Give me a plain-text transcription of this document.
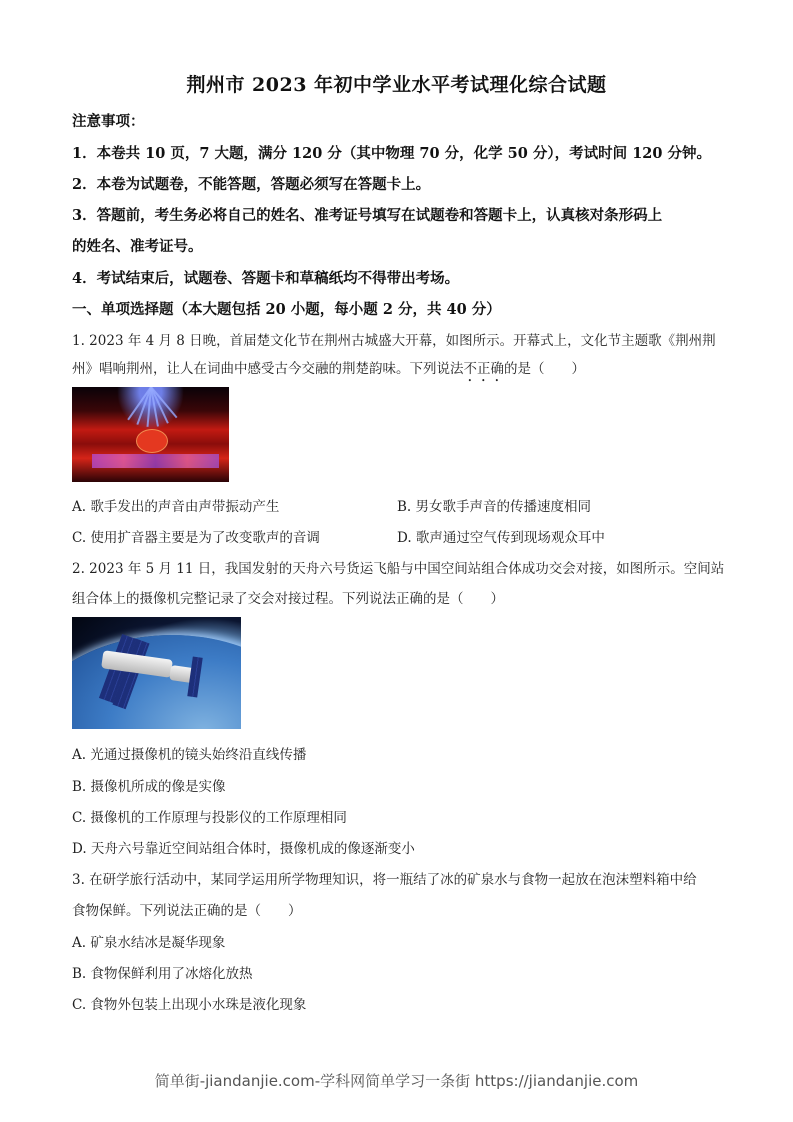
荆州市 2023 年初中学业水平考试理化综合试题
注意事项：
1．本卷共 10 页，7 大题，满分 120 分（其中物理 70 分，化学 50 分），考试时间 120 分钟。
2．本卷为试题卷，不能答题，答题必须写在答题卡上。
3．答题前，考生务必将自己的姓名、准考证号填写在试题卷和答题卡上，认真核对条形码上
的姓名、准考证号。
4．考试结束后，试题卷、答题卡和草稿纸均不得带出考场。
一、单项选择题（本大题包括 20 小题，每小题 2 分，共 40 分）
1. 2023 年 4 月 8 日晚，首届楚文化节在荆州古城盛大开幕，如图所示。开幕式上，文化节主题歌《荆州荆
州》唱响荆州，让人在词曲中感受古今交融的荆楚韵味。下列说法不正确的是（　　）
A. 歌手发出的声音由声带振动产生	B. 男女歌手声音的传播速度相同
C. 使用扩音器主要是为了改变歌声的音调	D. 歌声通过空气传到现场观众耳中
2. 2023 年 5 月 11 日，我国发射的天舟六号货运飞船与中国空间站组合体成功交会对接，如图所示。空间站
组合体上的摄像机完整记录了交会对接过程。下列说法正确的是（　　）
A. 光通过摄像机的镜头始终沿直线传播
B. 摄像机所成的像是实像
C. 摄像机的工作原理与投影仪的工作原理相同
D. 天舟六号靠近空间站组合体时，摄像机成的像逐渐变小
3. 在研学旅行活动中，某同学运用所学物理知识，将一瓶结了冰的矿泉水与食物一起放在泡沫塑料箱中给
食物保鲜。下列说法正确的是（　　）
A. 矿泉水结冰是凝华现象
B. 食物保鲜利用了冰熔化放热
C. 食物外包装上出现小水珠是液化现象
简单街-jiandanjie.com-学科网简单学习一条街 https://jiandanjie.com
